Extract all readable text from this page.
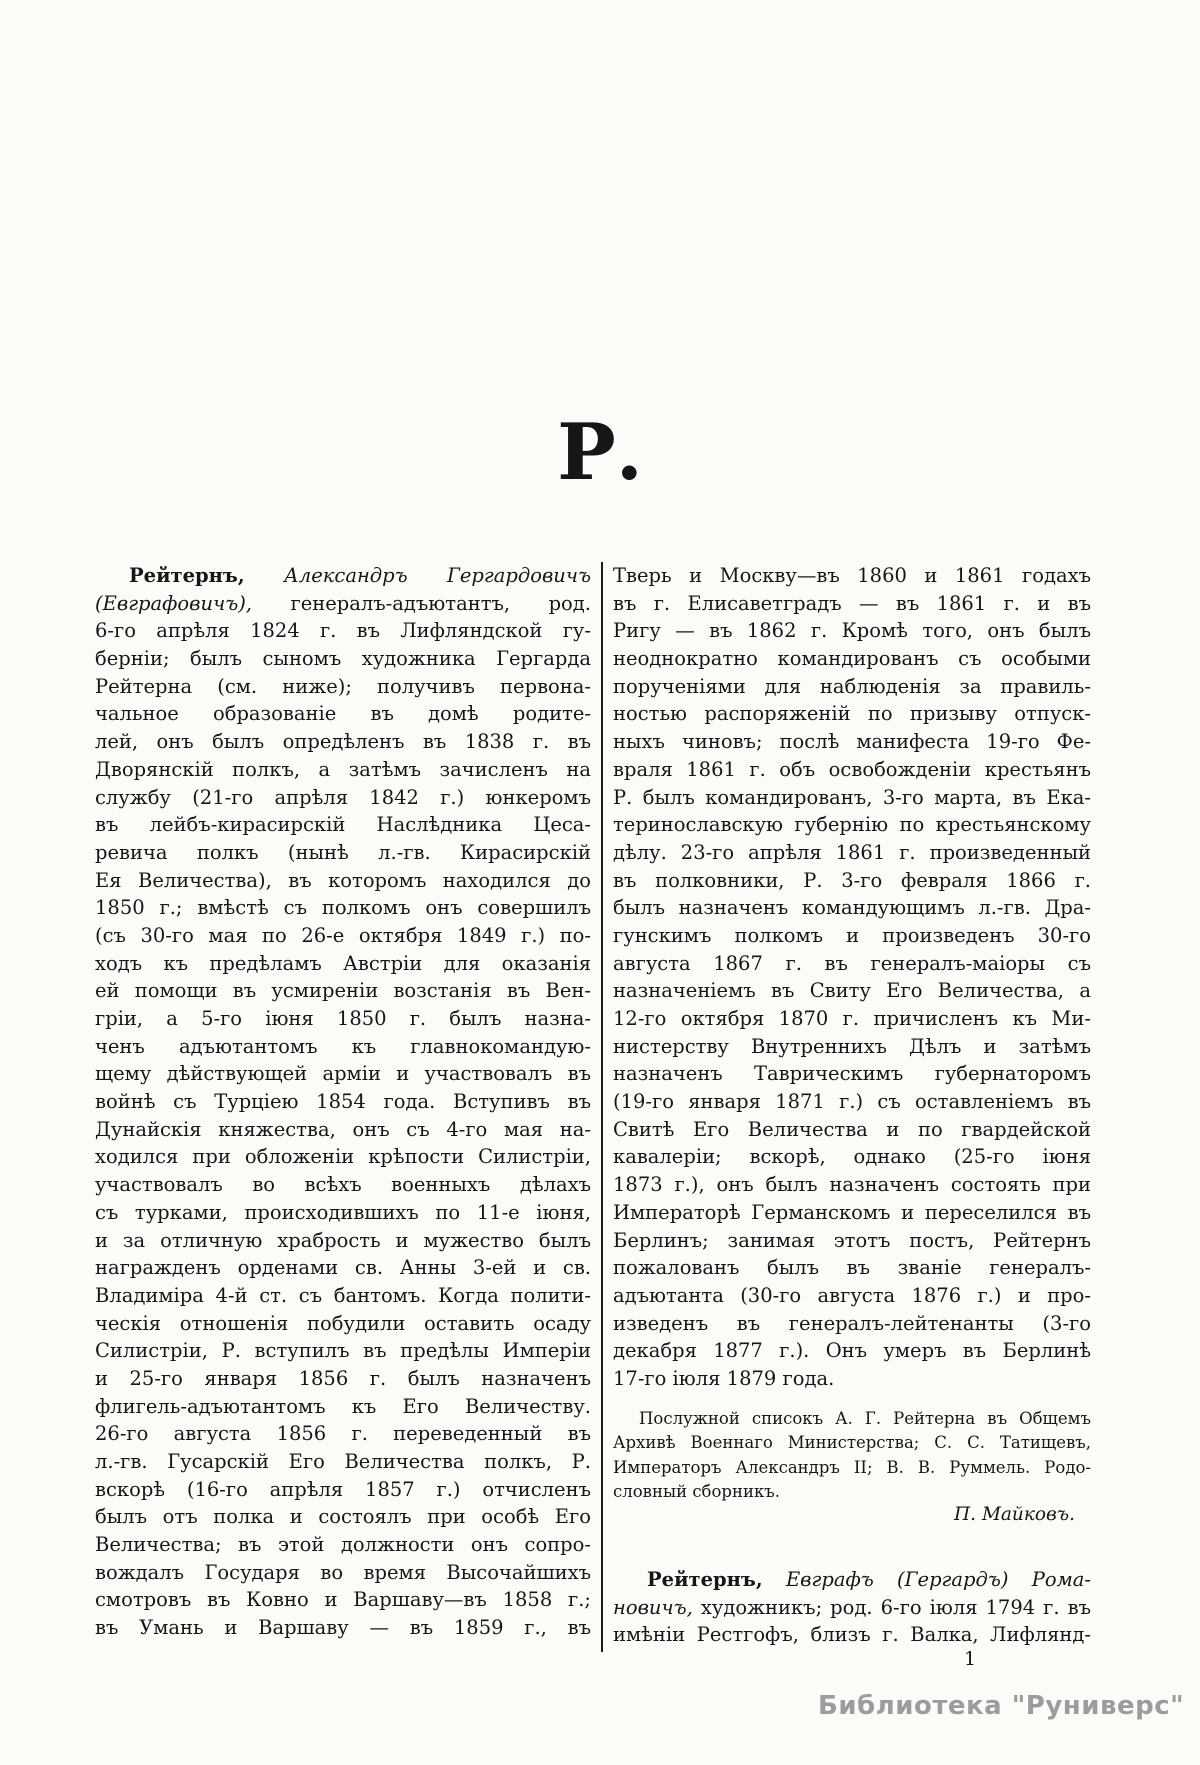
Р.
Рейтернъ, Александръ Гергардовичъ
(Евграфовичъ), генералъ-адъютантъ, род.
6-го апрѣля 1824 г. въ Лифляндской гу-
берніи; былъ сыномъ художника Гергарда
Рейтерна (см. ниже); получивъ первона-
чальное образованіе въ домѣ родите-
лей, онъ былъ опредѣленъ въ 1838 г. въ
Дворянскій полкъ, а затѣмъ зачисленъ на
службу (21-го апрѣля 1842 г.) юнкеромъ
въ лейбъ-кирасирскій Наслѣдника Цеса-
ревича полкъ (нынѣ л.-гв. Кирасирскій
Ея Величества), въ которомъ находился до
1850 г.; вмѣстѣ съ полкомъ онъ совершилъ
(съ 30-го мая по 26-е октября 1849 г.) по-
ходъ къ предѣламъ Австріи для оказанія
ей помощи въ усмиреніи возстанія въ Вен-
гріи, а 5-го іюня 1850 г. былъ назна-
ченъ адъютантомъ къ главнокомандую-
щему дѣйствующей арміи и участвовалъ въ
войнѣ съ Турціею 1854 года. Вступивъ въ
Дунайскія княжества, онъ съ 4-го мая на-
ходился при обложеніи крѣпости Силистріи,
участвовалъ во всѣхъ военныхъ дѣлахъ
съ турками, происходившихъ по 11-е іюня,
и за отличную храбрость и мужество былъ
награжденъ орденами св. Анны 3-ей и св.
Владиміра 4-й ст. съ бантомъ. Когда полити-
ческія отношенія побудили оставить осаду
Силистріи, Р. вступилъ въ предѣлы Имперіи
и 25-го января 1856 г. былъ назначенъ
флигель-адъютантомъ къ Его Величеству.
26-го августа 1856 г. переведенный въ
л.-гв. Гусарскій Его Величества полкъ, Р.
вскорѣ (16-го апрѣля 1857 г.) отчисленъ
былъ отъ полка и состоялъ при особѣ Его
Величества; въ этой должности онъ сопро-
вождалъ Государя во время Высочайшихъ
смотровъ въ Ковно и Варшаву—въ 1858 г.;
въ Умань и Варшаву — въ 1859 г., въ
Тверь и Москву—въ 1860 и 1861 годахъ
въ г. Елисаветградъ — въ 1861 г. и въ
Ригу — въ 1862 г. Кромѣ того, онъ былъ
неоднократно командированъ съ особыми
порученіями для наблюденія за правиль-
ностью распоряженій по призыву отпуск-
ныхъ чиновъ; послѣ манифеста 19-го Фе-
враля 1861 г. объ освобожденіи крестьянъ
Р. былъ командированъ, 3-го марта, въ Ека-
теринославскую губернію по крестьянскому
дѣлу. 23-го апрѣля 1861 г. произведенный
въ полковники, Р. 3-го февраля 1866 г.
былъ назначенъ командующимъ л.-гв. Дра-
гунскимъ полкомъ и произведенъ 30-го
августа 1867 г. въ генералъ-маіоры съ
назначеніемъ въ Свиту Его Величества, а
12-го октября 1870 г. причисленъ къ Ми-
нистерству Внутреннихъ Дѣлъ и затѣмъ
назначенъ Таврическимъ губернаторомъ
(19-го января 1871 г.) съ оставленіемъ въ
Свитѣ Его Величества и по гвардейской
кавалеріи; вскорѣ, однако (25-го іюня
1873 г.), онъ былъ назначенъ состоять при
Императорѣ Германскомъ и переселился въ
Берлинъ; занимая этотъ постъ, Рейтернъ
пожалованъ былъ въ званіе генералъ-
адъютанта (30-го августа 1876 г.) и про-
изведенъ въ генералъ-лейтенанты (3-го
декабря 1877 г.). Онъ умеръ въ Берлинѣ
17-го іюля 1879 года.
Послужной списокъ А. Г. Рейтерна въ Общемъ
Архивѣ Военнаго Министерства; С. С. Татищевъ,
Императоръ Александръ II; В. В. Руммель. Родо-
словный сборникъ.
П. Майковъ.
Рейтернъ, Евграфъ (Гергардъ) Рома-
новичъ, художникъ; род. 6-го іюля 1794 г. въ
имѣніи Рестгофъ, близъ г. Валка, Лифлянд-
1
Библиотека "Руниверс"
